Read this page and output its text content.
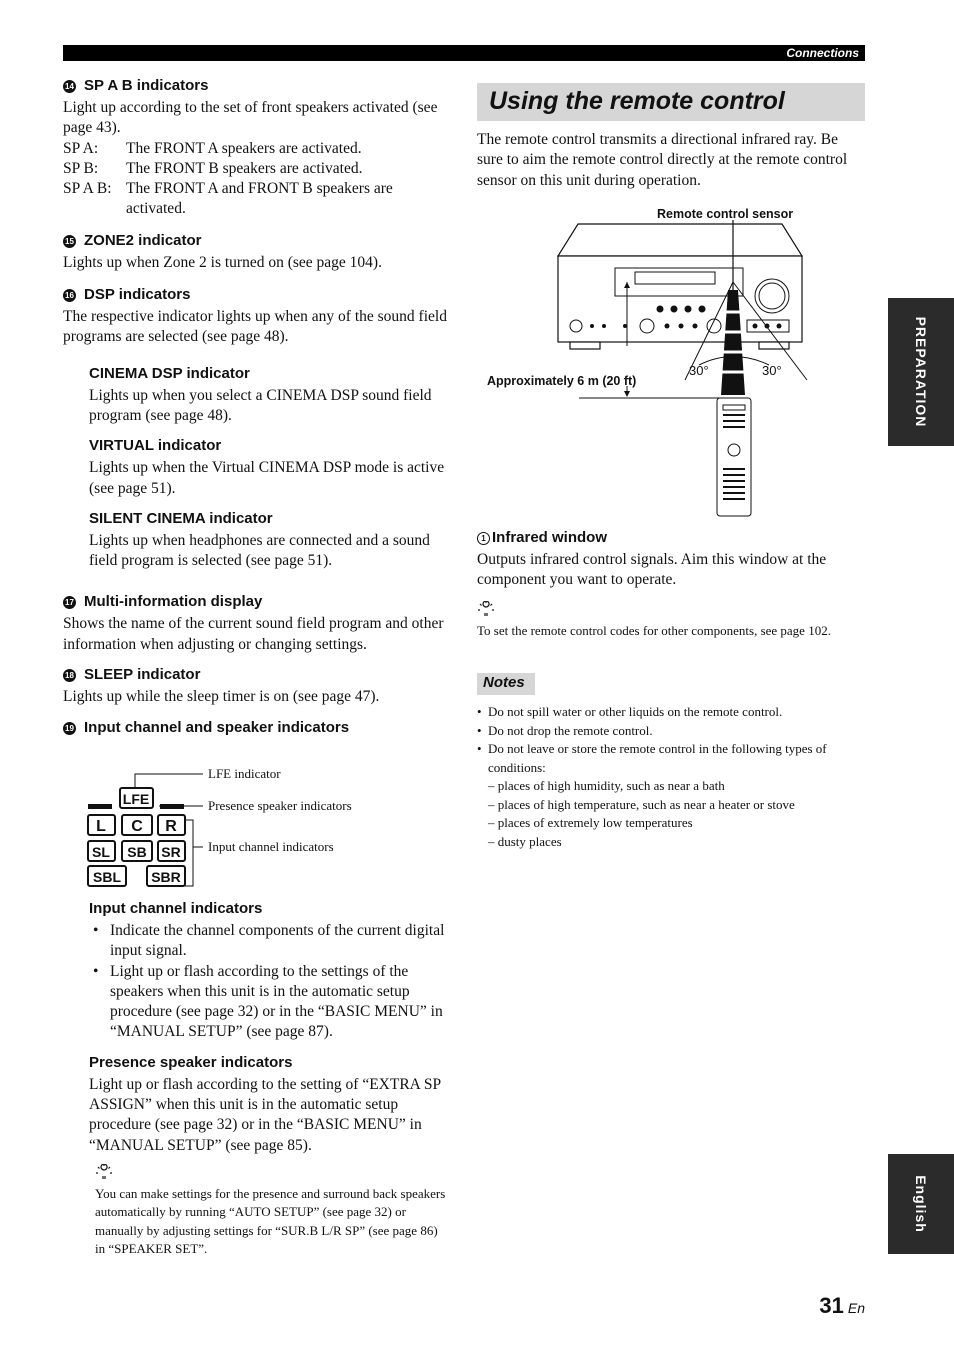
Connections
14 SP A B indicators
Light up according to the set of front speakers activated (see page 43).
SP A:	The FRONT A speakers are activated.
SP B:	The FRONT B speakers are activated.
SP A B: The FRONT A and FRONT B speakers are activated.
15 ZONE2 indicator
Lights up when Zone 2 is turned on (see page 104).
16 DSP indicators
The respective indicator lights up when any of the sound field programs are selected (see page 48).
CINEMA DSP indicator
Lights up when you select a CINEMA DSP sound field program (see page 48).
VIRTUAL indicator
Lights up when the Virtual CINEMA DSP mode is active (see page 51).
SILENT CINEMA indicator
Lights up when headphones are connected and a sound field program is selected (see page 51).
17 Multi-information display
Shows the name of the current sound field program and other information when adjusting or changing settings.
18 SLEEP indicator
Lights up while the sleep timer is on (see page 47).
19 Input channel and speaker indicators
LFE
L C R
SL SB SR
SBL SBR
LFE indicator
Presence speaker indicators
Input channel indicators
Input channel indicators
• Indicate the channel components of the current digital input signal.
• Light up or flash according to the settings of the speakers when this unit is in the automatic setup procedure (see page 32) or in the “BASIC MENU” in “MANUAL SETUP” (see page 87).
Presence speaker indicators
Light up or flash according to the setting of “EXTRA SP ASSIGN” when this unit is in the automatic setup procedure (see page 32) or in the “BASIC MENU” in “MANUAL SETUP” (see page 85).
You can make settings for the presence and surround back speakers automatically by running “AUTO SETUP” (see page 32) or manually by adjusting settings for “SUR.B L/R SP” (see page 86) in “SPEAKER SET”.
Using the remote control
The remote control transmits a directional infrared ray. Be sure to aim the remote control directly at the remote control sensor on this unit during operation.
Remote control sensor
30°	30°
Approximately 6 m (20 ft)
1 Infrared window
Outputs infrared control signals. Aim this window at the component you want to operate.
To set the remote control codes for other components, see page 102.
Notes
• Do not spill water or other liquids on the remote control.
• Do not drop the remote control.
• Do not leave or store the remote control in the following types of conditions:
– places of high humidity, such as near a bath
– places of high temperature, such as near a heater or stove
– places of extremely low temperatures
– dusty places
PREPARATION
English
31 En
